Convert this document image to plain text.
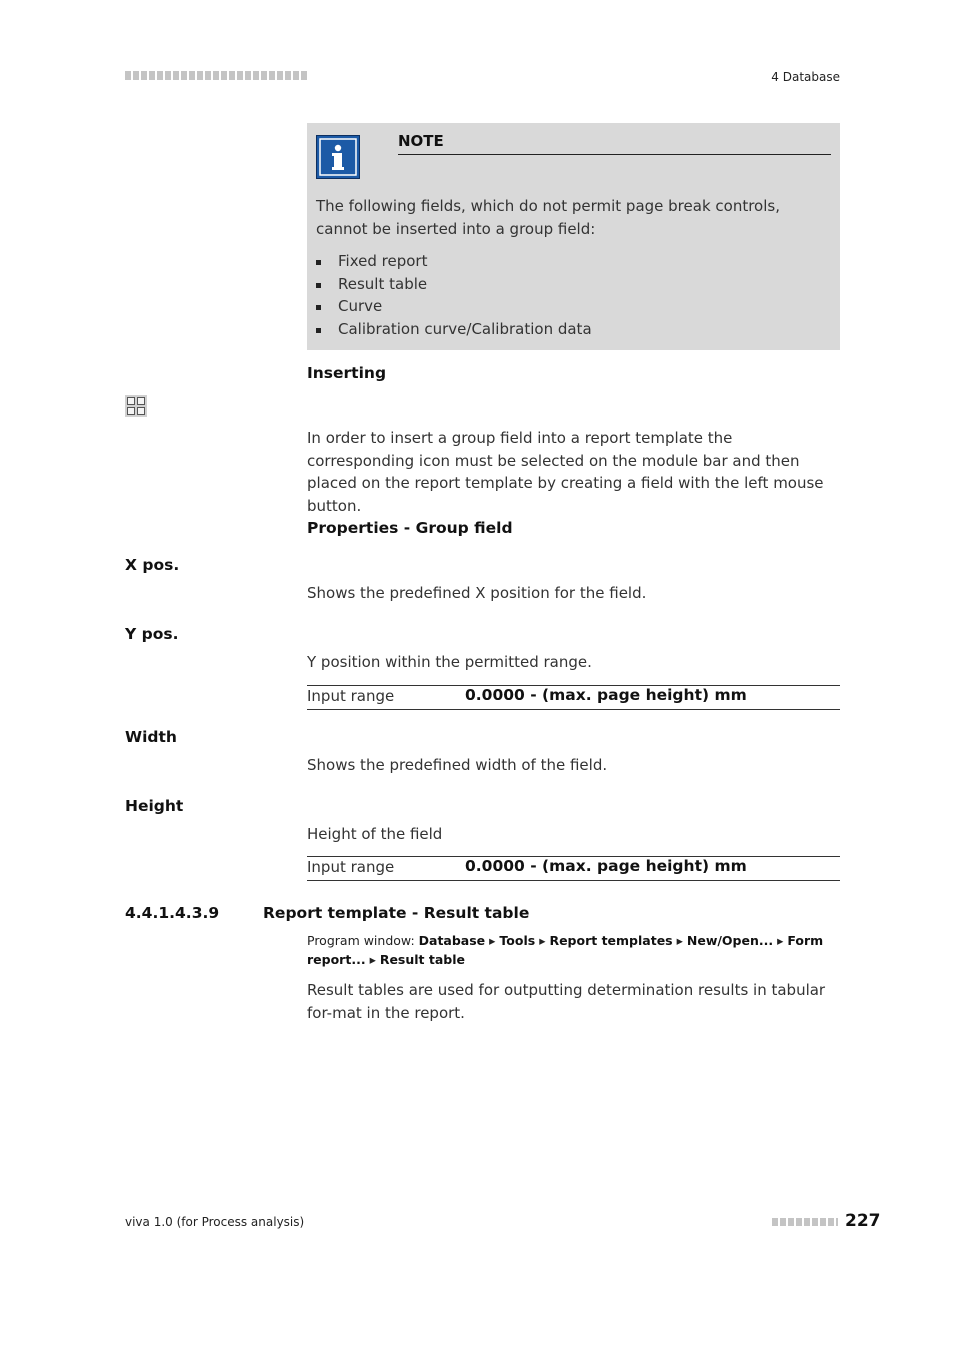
4 Database
NOTE
The following fields, which do not permit page break controls, cannot be inserted into a group field:
Fixed report
Result table
Curve
Calibration curve/Calibration data
Inserting
In order to insert a group field into a report template the corresponding icon must be selected on the module bar and then placed on the report template by creating a field with the left mouse button.
Properties - Group field
X pos.
Shows the predefined X position for the field.
Y pos.
Y position within the permitted range.
Input range	0.0000 - (max. page height) mm
Width
Shows the predefined width of the field.
Height
Height of the field
Input range	0.0000 - (max. page height) mm
4.4.1.4.3.9	Report template - Result table
Program window: Database ▸ Tools ▸ Report templates ▸ New/Open... ▸ Form report... ▸ Result table
Result tables are used for outputting determination results in tabular for-mat in the report.
viva 1.0 (for Process analysis)	227
